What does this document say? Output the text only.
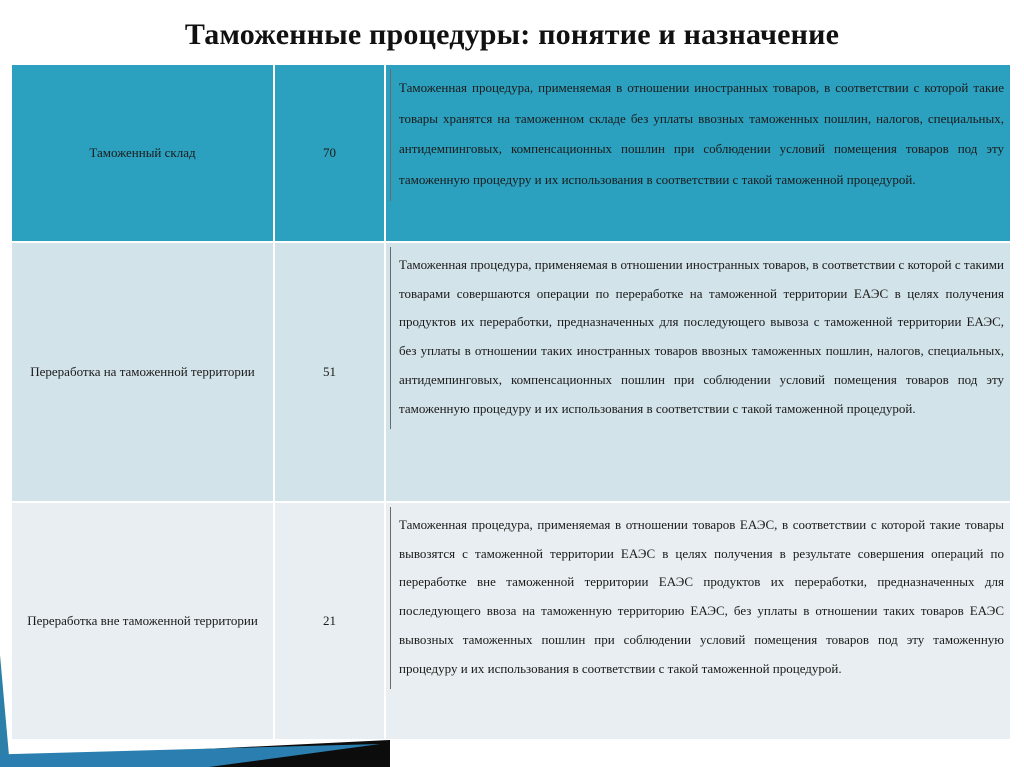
Таможенные процедуры: понятие и назначение
Таможенный склад	70	Таможенная процедура, применяемая в отношении иностранных товаров, в соответствии с которой такие товары хранятся на таможенном складе без уплаты ввозных таможенных пошлин, налогов, специальных, антидемпинговых, компенсационных пошлин при соблюдении условий помещения товаров под эту таможенную процедуру и их использования в соответствии с такой таможенной процедурой.

Переработка на таможенной территории	51	Таможенная процедура, применяемая в отношении иностранных товаров, в соответствии с которой с такими товарами совершаются операции по переработке на таможенной территории ЕАЭС в целях получения продуктов их переработки, предназначенных для последующего вывоза с таможенной территории ЕАЭС, без уплаты в отношении таких иностранных товаров ввозных таможенных пошлин, налогов, специальных, антидемпинговых, компенсационных пошлин при соблюдении условий помещения товаров под эту таможенную процедуру и их использования в соответствии с такой таможенной процедурой.

Переработка вне таможенной территории	21	Таможенная процедура, применяемая в отношении товаров ЕАЭС, в соответствии с которой такие товары вывозятся с таможенной территории ЕАЭС в целях получения в результате совершения операций по переработке вне таможенной территории ЕАЭС продуктов их переработки, предназначенных для последующего ввоза на таможенную территорию ЕАЭС, без уплаты в отношении таких товаров ЕАЭС вывозных таможенных пошлин при соблюдении условий помещения товаров под эту таможенную процедуру и их использования в соответствии с такой таможенной процедурой.
